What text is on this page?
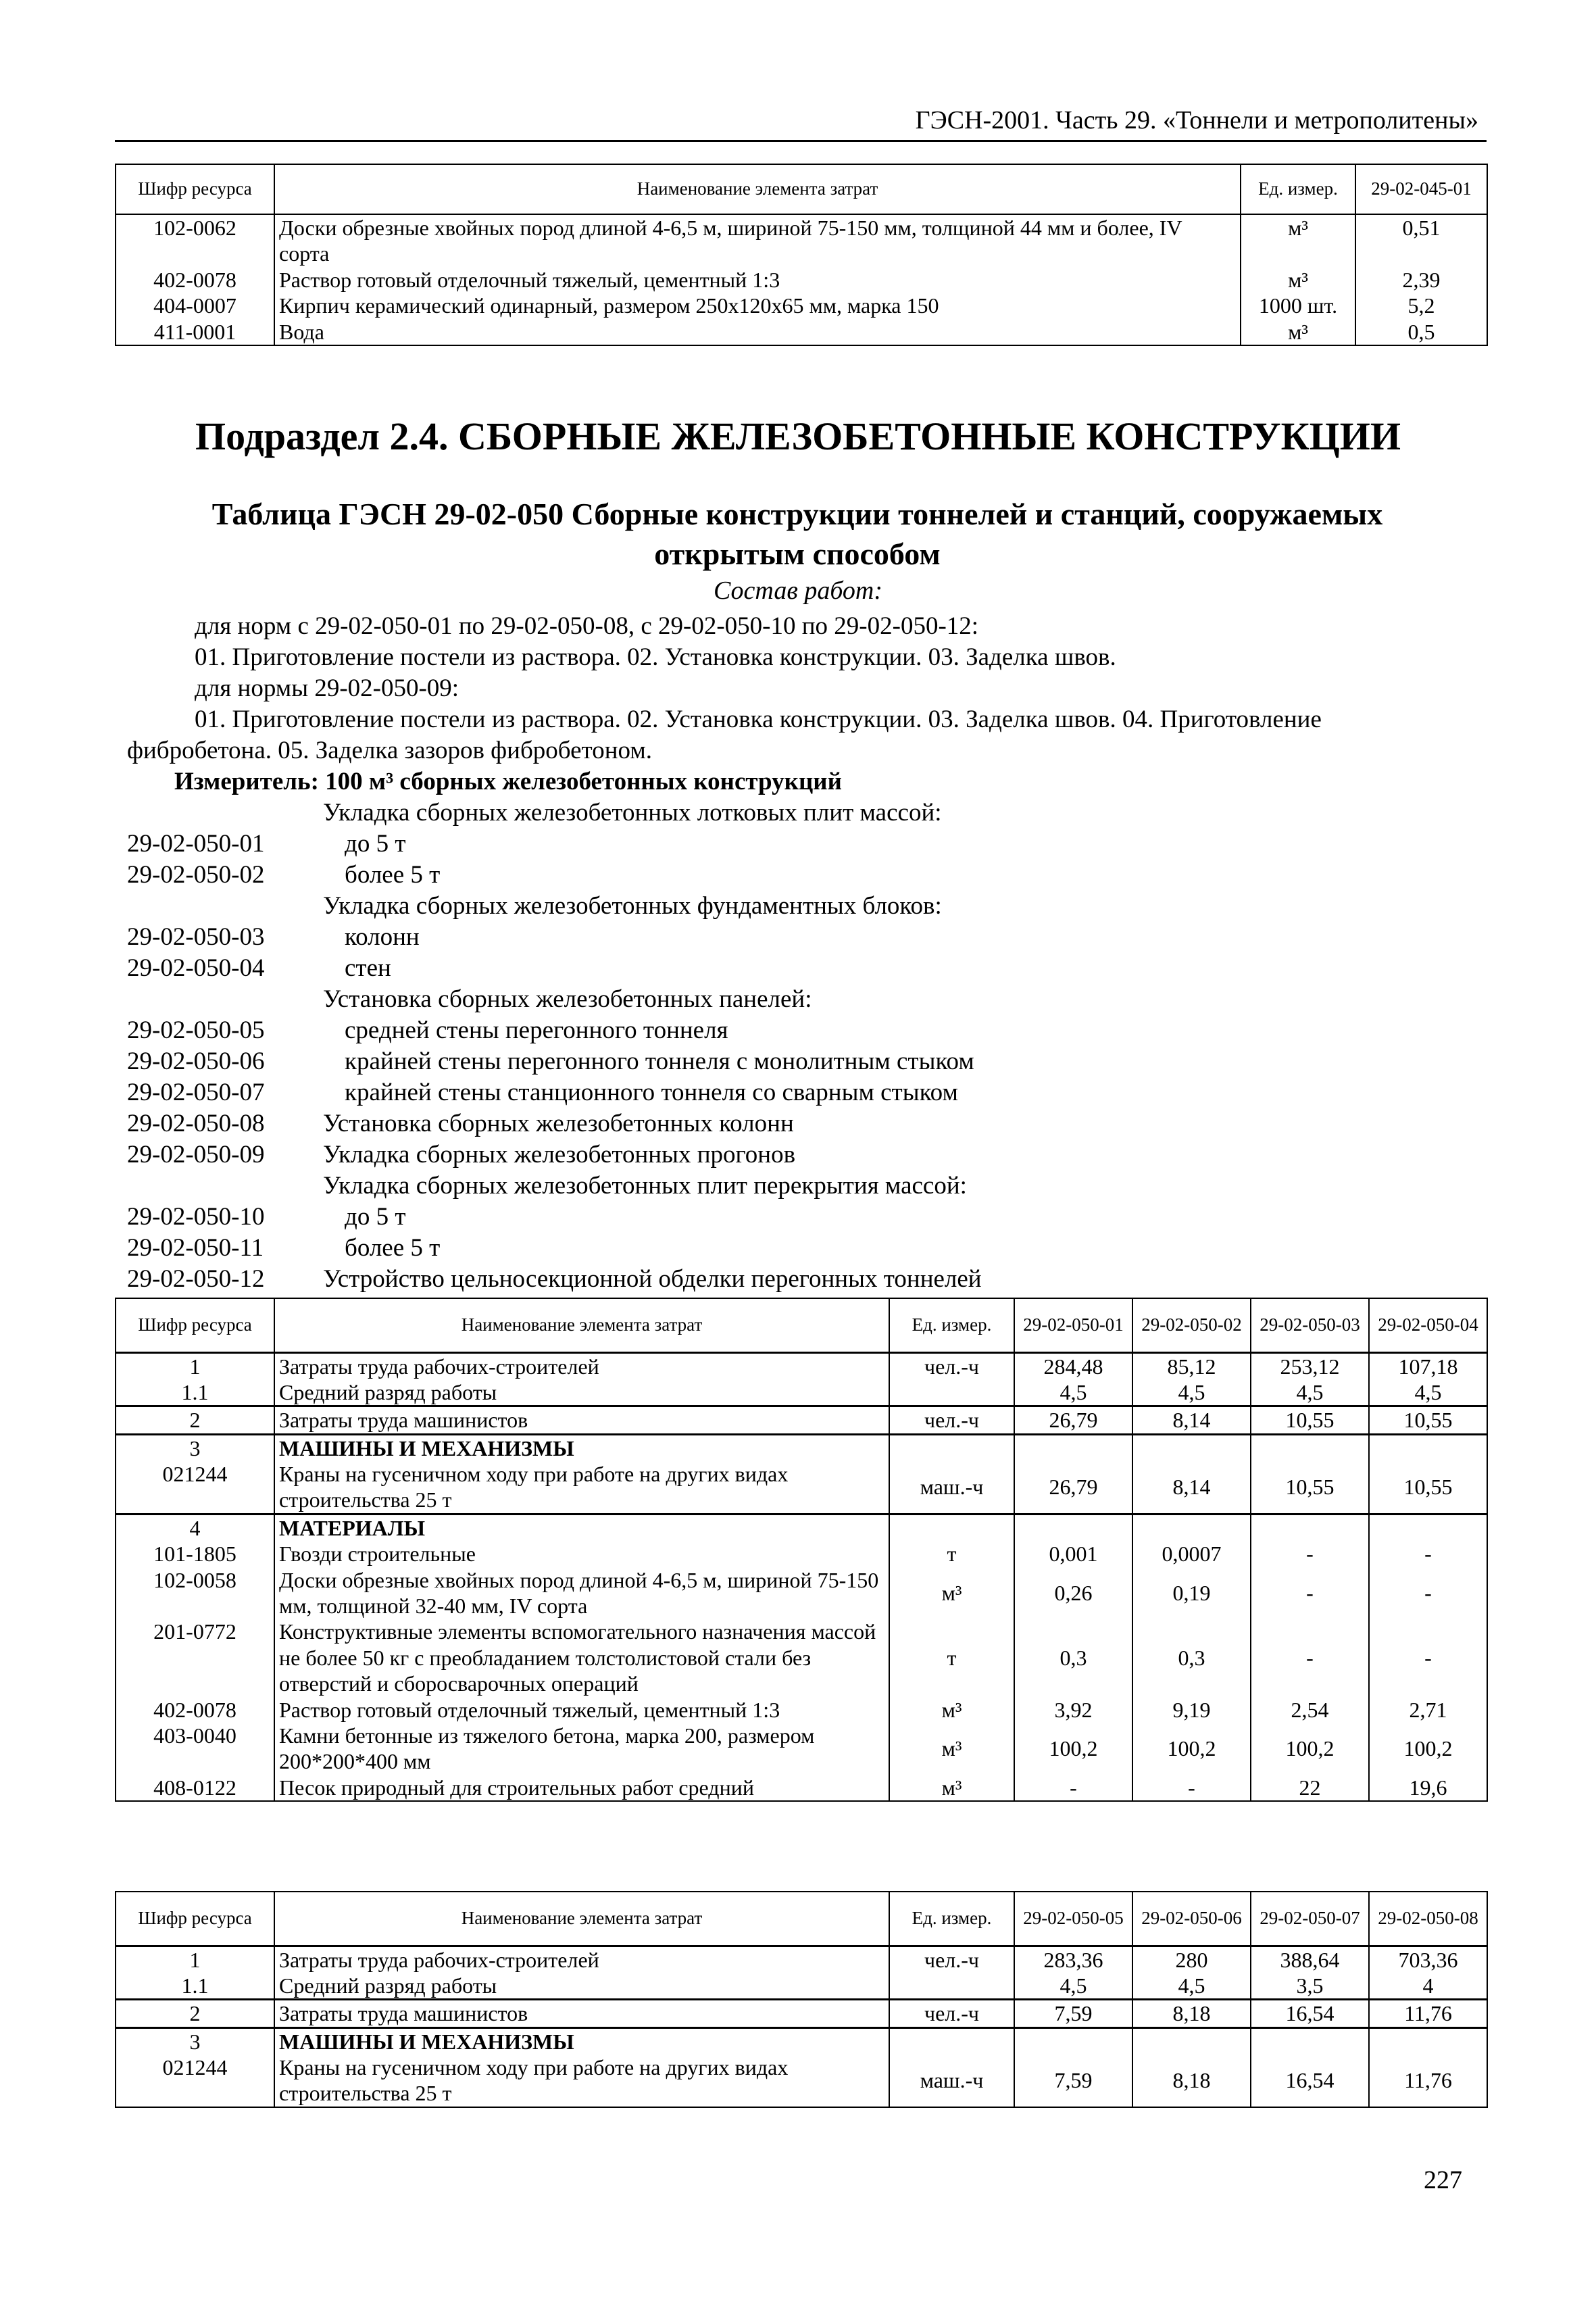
ГЭСН-2001. Часть 29. «Тоннели и метрополитены»
Шифр ресурса	Наименование элемента затрат	Ед. измер.	29-02-045-01
102-0062	Доски обрезные хвойных пород длиной 4-6,5 м, шириной 75-150 мм, толщиной 44 мм и более, IV сорта	м³	0,51
402-0078	Раствор готовый отделочный тяжелый, цементный 1:3	м³	2,39
404-0007	Кирпич керамический одинарный, размером 250х120х65 мм, марка 150	1000 шт.	5,2
411-0001	Вода	м³	0,5
Подраздел 2.4. СБОРНЫЕ ЖЕЛЕЗОБЕТОННЫЕ КОНСТРУКЦИИ
Таблица ГЭСН 29-02-050 Сборные конструкции тоннелей и станций, сооружаемых
открытым способом
Состав работ:
для норм с 29-02-050-01 по 29-02-050-08, с 29-02-050-10 по 29-02-050-12:
01. Приготовление постели из раствора. 02. Установка конструкции. 03. Заделка швов.
для нормы 29-02-050-09:
01. Приготовление постели из раствора. 02. Установка конструкции. 03. Заделка швов. 04. Приготовление
фибробетона. 05. Заделка зазоров фибробетоном.
Измеритель: 100 м³ сборных железобетонных конструкций
Укладка сборных железобетонных лотковых плит массой:
29-02-050-01	до 5 т
29-02-050-02	более 5 т
Укладка сборных железобетонных фундаментных блоков:
29-02-050-03	колонн
29-02-050-04	стен
Установка сборных железобетонных панелей:
29-02-050-05	средней стены перегонного тоннеля
29-02-050-06	крайней стены перегонного тоннеля с монолитным стыком
29-02-050-07	крайней стены станционного тоннеля со сварным стыком
29-02-050-08 Установка сборных железобетонных колонн
29-02-050-09 Укладка сборных железобетонных прогонов
Укладка сборных железобетонных плит перекрытия массой:
29-02-050-10	до 5 т
29-02-050-11	более 5 т
29-02-050-12 Устройство цельносекционной обделки перегонных тоннелей
Шифр ресурса	Наименование элемента затрат	Ед. измер.	29-02-050-01	29-02-050-02	29-02-050-03	29-02-050-04
1	Затраты труда рабочих-строителей	чел.-ч	284,48	85,12	253,12	107,18
1.1	Средний разряд работы		4,5	4,5	4,5	4,5
2	Затраты труда машинистов	чел.-ч	26,79	8,14	10,55	10,55
3	МАШИНЫ И МЕХАНИЗМЫ					
021244	Краны на гусеничном ходу при работе на других видах строительства 25 т	маш.-ч	26,79	8,14	10,55	10,55
4	МАТЕРИАЛЫ					
101-1805	Гвозди строительные	т	0,001	0,0007	-	-
102-0058	Доски обрезные хвойных пород длиной 4-6,5 м, шириной 75-150 мм, толщиной 32-40 мм, IV сорта	м³	0,26	0,19	-	-
201-0772	Конструктивные элементы вспомогательного назначения массой не более 50 кг с преобладанием толстолистовой стали без отверстий и сборосварочных операций	т	0,3	0,3	-	-
402-0078	Раствор готовый отделочный тяжелый, цементный 1:3	м³	3,92	9,19	2,54	2,71
403-0040	Камни бетонные из тяжелого бетона, марка 200, размером 200*200*400 мм	м³	100,2	100,2	100,2	100,2
408-0122	Песок природный для строительных работ средний	м³	-	-	22	19,6
Шифр ресурса	Наименование элемента затрат	Ед. измер.	29-02-050-05	29-02-050-06	29-02-050-07	29-02-050-08
1	Затраты труда рабочих-строителей	чел.-ч	283,36	280	388,64	703,36
1.1	Средний разряд работы		4,5	4,5	3,5	4
2	Затраты труда машинистов	чел.-ч	7,59	8,18	16,54	11,76
3	МАШИНЫ И МЕХАНИЗМЫ					
021244	Краны на гусеничном ходу при работе на других видах строительства 25 т	маш.-ч	7,59	8,18	16,54	11,76
227
